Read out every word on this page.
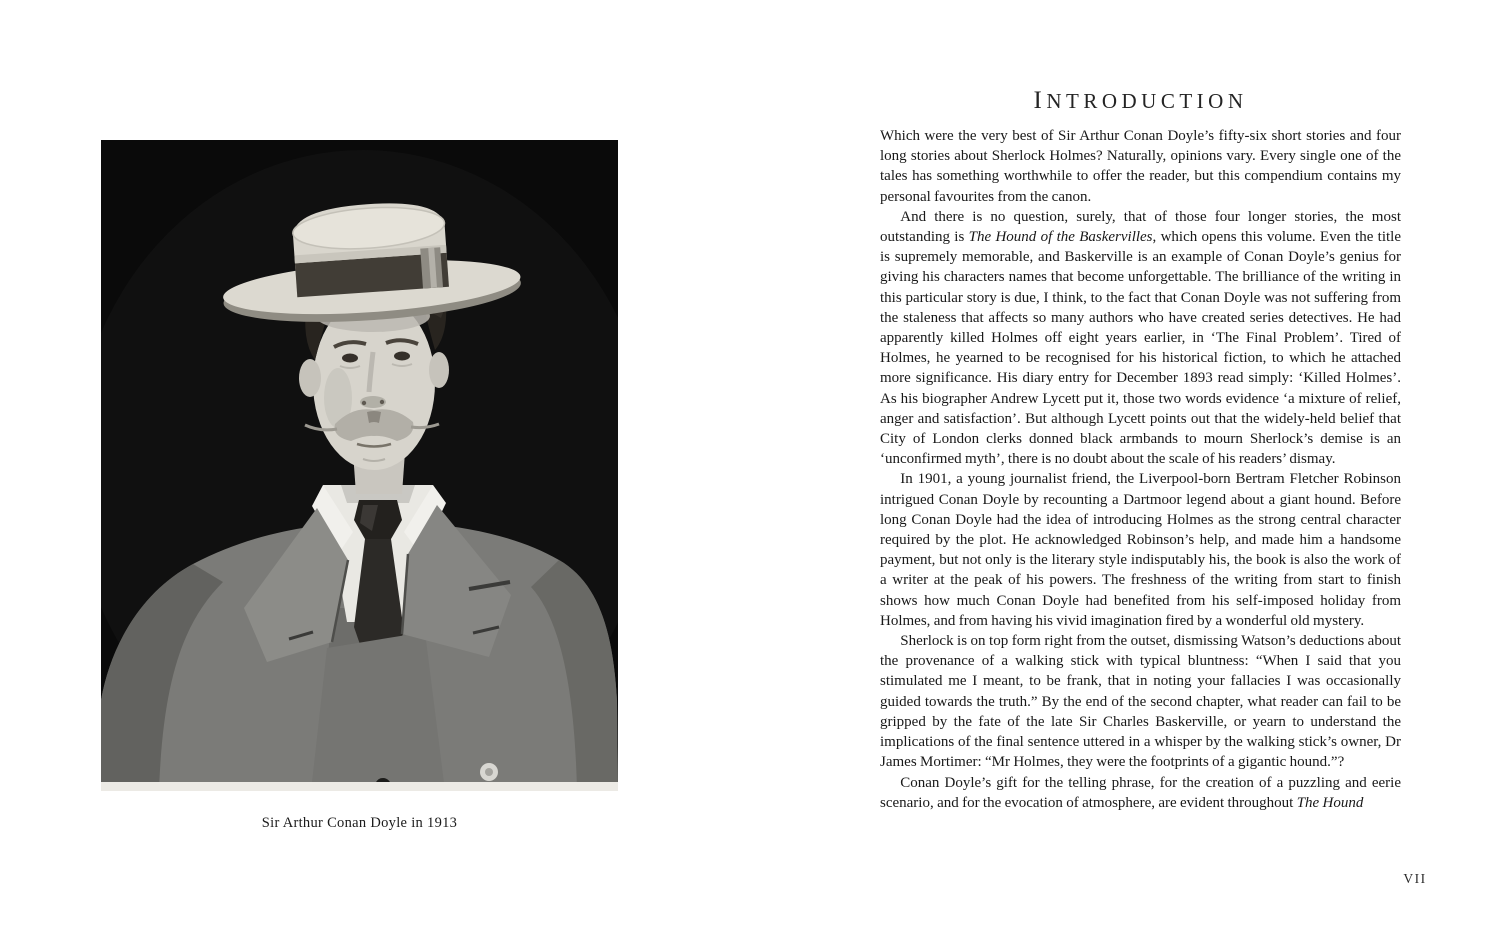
Sir Arthur Conan Doyle in 1913
INTRODUCTION

Which were the very best of Sir Arthur Conan Doyle’s fifty-six short stories and four long stories about Sherlock Holmes? Naturally, opinions vary. Every single one of the tales has something worthwhile to offer the reader, but this compendium contains my personal favourites from the canon.

And there is no question, surely, that of those four longer stories, the most outstanding is The Hound of the Baskervilles, which opens this volume. Even the title is supremely memorable, and Baskerville is an example of Conan Doyle’s genius for giving his characters names that become unforgettable. The brilliance of the writing in this particular story is due, I think, to the fact that Conan Doyle was not suffering from the staleness that affects so many authors who have created series detectives. He had apparently killed Holmes off eight years earlier, in ‘The Final Problem’. Tired of Holmes, he yearned to be recognised for his historical fiction, to which he attached more significance. His diary entry for December 1893 read simply: ‘Killed Holmes’. As his biographer Andrew Lycett put it, those two words evidence ‘a mixture of relief, anger and satisfaction’. But although Lycett points out that the widely-held belief that City of London clerks donned black armbands to mourn Sherlock’s demise is an ‘unconfirmed myth’, there is no doubt about the scale of his readers’ dismay.

In 1901, a young journalist friend, the Liverpool-born Bertram Fletcher Robinson intrigued Conan Doyle by recounting a Dartmoor legend about a giant hound. Before long Conan Doyle had the idea of introducing Holmes as the strong central character required by the plot. He acknowledged Robinson’s help, and made him a handsome payment, but not only is the literary style indisputably his, the book is also the work of a writer at the peak of his powers. The freshness of the writing from start to finish shows how much Conan Doyle had benefited from his self-imposed holiday from Holmes, and from having his vivid imagination fired by a wonderful old mystery.

Sherlock is on top form right from the outset, dismissing Watson’s deductions about the provenance of a walking stick with typical bluntness: “When I said that you stimulated me I meant, to be frank, that in noting your fallacies I was occasionally guided towards the truth.” By the end of the second chapter, what reader can fail to be gripped by the fate of the late Sir Charles Baskerville, or yearn to understand the implications of the final sentence uttered in a whisper by the walking stick’s owner, Dr James Mortimer: “Mr Holmes, they were the footprints of a gigantic hound.”?

Conan Doyle’s gift for the telling phrase, for the creation of a puzzling and eerie scenario, and for the evocation of atmosphere, are evident throughout The Hound

VII
